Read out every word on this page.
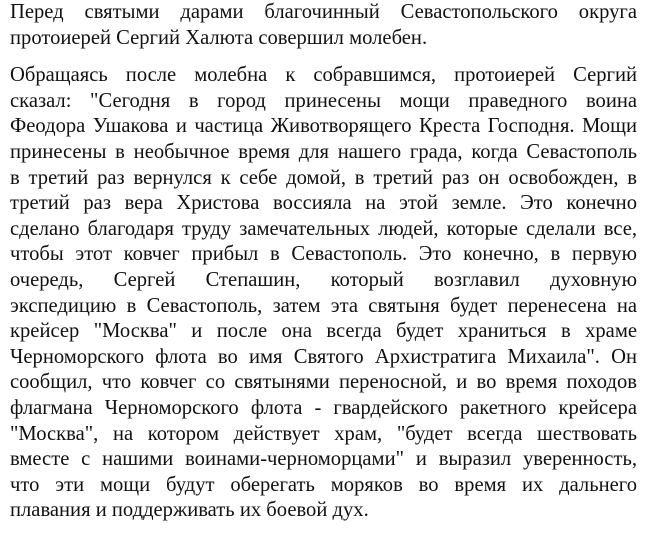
Перед святыми дарами благочинный Севастопольского округа
протоиерей Сергий Халюта совершил молебен.

Обращаясь после молебна к собравшимся, протоиерей Сергий
сказал: "Сегодня в город принесены мощи праведного воина
Феодора Ушакова и частица Животворящего Креста Господня. Мощи
принесены в необычное время для нашего града, когда Севастополь
в третий раз вернулся к себе домой, в третий раз он освобожден, в
третий раз вера Христова воссияла на этой земле. Это конечно
сделано благодаря труду замечательных людей, которые сделали все,
чтобы этот ковчег прибыл в Севастополь. Это конечно, в первую
очередь, Сергей Степашин, который возглавил духовную
экспедицию в Севастополь, затем эта святыня будет перенесена на
крейсер "Москва" и после она всегда будет храниться в храме
Черноморского флота во имя Святого Архистратига Михаила". Он
сообщил, что ковчег со святынями переносной, и во время походов
флагмана Черноморского флота - гвардейского ракетного крейсера
"Москва", на котором действует храм, "будет всегда шествовать
вместе с нашими воинами-черноморцами" и выразил уверенность,
что эти мощи будут оберегать моряков во время их дальнего
плавания и поддерживать их боевой дух.
